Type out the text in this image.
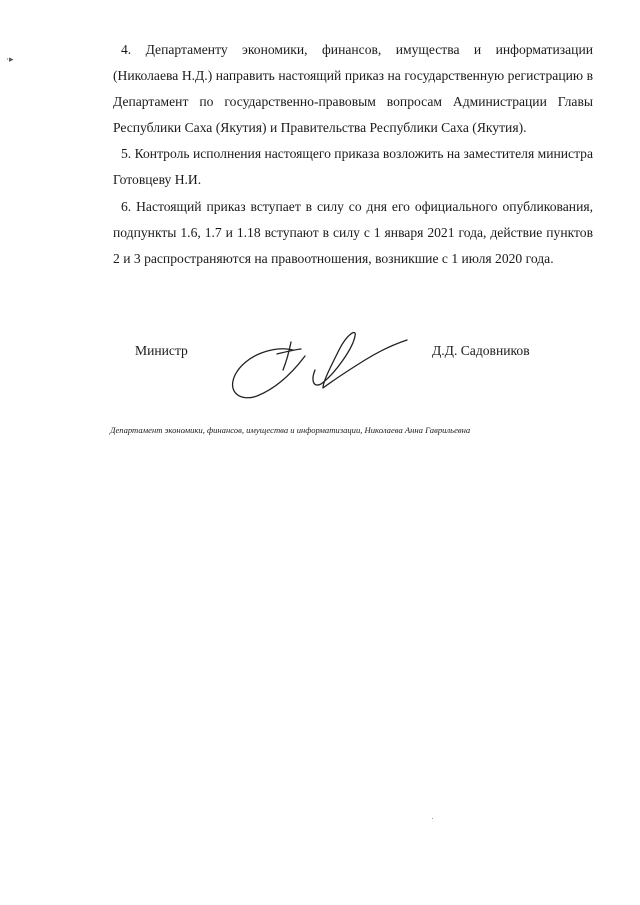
·▸

4. Департаменту экономики, финансов, имущества и информатизации (Николаева Н.Д.) направить настоящий приказ на государственную регистрацию в Департамент по государственно-правовым вопросам Администрации Главы Республики Саха (Якутия) и Правительства Республики Саха (Якутия).

5. Контроль исполнения настоящего приказа возложить на заместителя министра Готовцеву Н.И.

6. Настоящий приказ вступает в силу со дня его официального опубликования, подпункты 1.6, 1.7 и 1.18 вступают в силу с 1 января 2021 года, действие пунктов 2 и 3 распространяются на правоотношения, возникшие с 1 июля 2020 года.

Министр	Д.Д. Садовников
Департамент экономики, финансов, имущества и информатизации, Николаева Анна Гаврильевна
